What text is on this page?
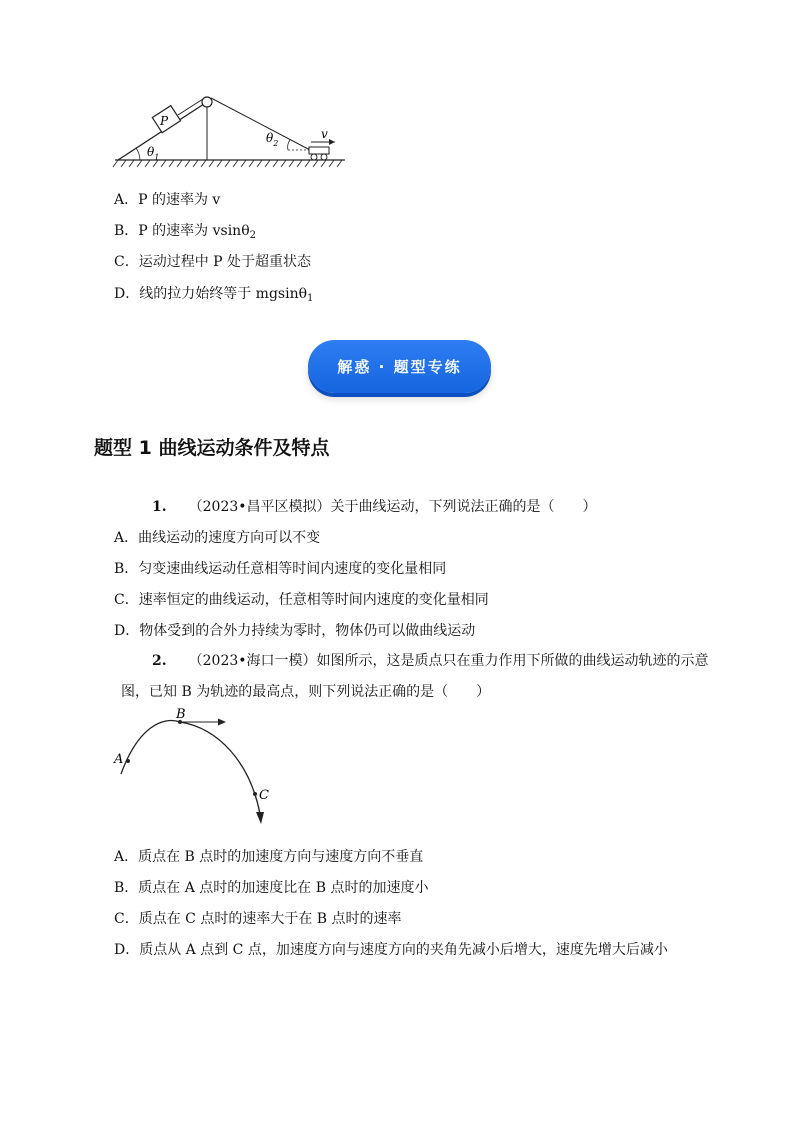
P
$\theta_1$
$\theta_2$
v
A．P 的速率为 v
B．P 的速率为 vsinθ$_2$
C．运动过程中 P 处于超重状态
D．线的拉力始终等于 mgsinθ$_1$
解惑 · 题型专练
题型 1 曲线运动条件及特点
1. （2023•昌平区模拟）关于曲线运动，下列说法正确的是（　　）
A．曲线运动的速度方向可以不变
B．匀变速曲线运动任意相等时间内速度的变化量相同
C．速率恒定的曲线运动，任意相等时间内速度的变化量相同
D．物体受到的合外力持续为零时，物体仍可以做曲线运动
2. （2023•海口一模）如图所示，这是质点只在重力作用下所做的曲线运动轨迹的示意
图，已知 B 为轨迹的最高点，则下列说法正确的是（　　）
A
B
C
A．质点在 B 点时的加速度方向与速度方向不垂直
B．质点在 A 点时的加速度比在 B 点时的加速度小
C．质点在 C 点时的速率大于在 B 点时的速率
D．质点从 A 点到 C 点，加速度方向与速度方向的夹角先减小后增大，速度先增大后减小
